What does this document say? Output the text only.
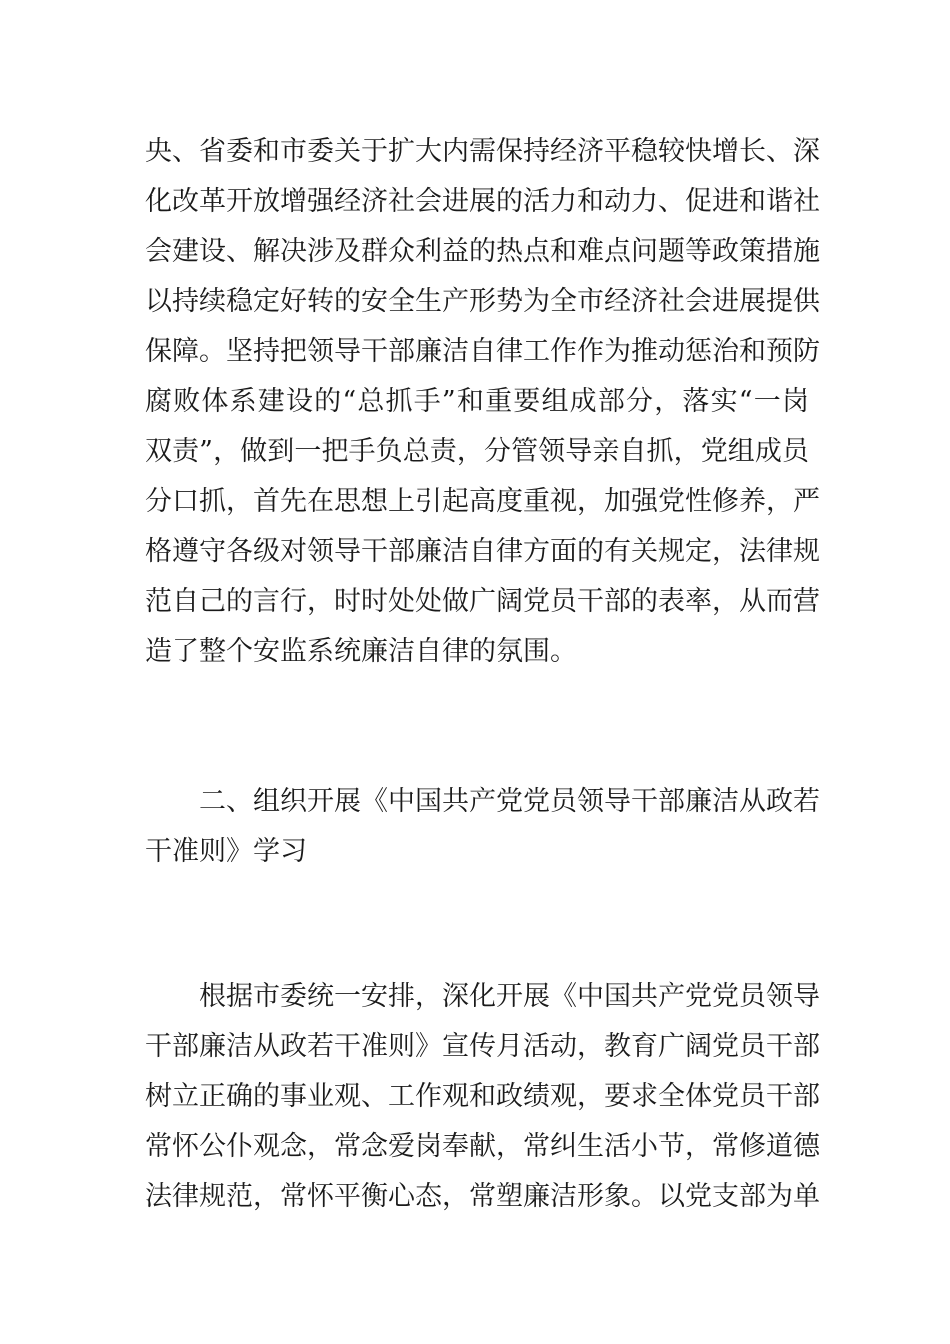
央、省委和市委关于扩大内需保持经济平稳较快增长、深
化改革开放增强经济社会进展的活力和动力、促进和谐社
会建设、解决涉及群众利益的热点和难点问题等政策措施
以持续稳定好转的安全生产形势为全市经济社会进展提供
保障。坚持把领导干部廉洁自律工作作为推动惩治和预防
腐败体系建设的“总抓手”和重要组成部分，落实“一岗
双责”，做到一把手负总责，分管领导亲自抓，党组成员
分口抓，首先在思想上引起高度重视，加强党性修养，严
格遵守各级对领导干部廉洁自律方面的有关规定，法律规
范自己的言行，时时处处做广阔党员干部的表率，从而营
造了整个安监系统廉洁自律的氛围。
二、组织开展《中国共产党党员领导干部廉洁从政若
干准则》学习
根据市委统一安排，深化开展《中国共产党党员领导
干部廉洁从政若干准则》宣传月活动，教育广阔党员干部
树立正确的事业观、工作观和政绩观，要求全体党员干部
常怀公仆观念，常念爱岗奉献，常纠生活小节，常修道德
法律规范，常怀平衡心态，常塑廉洁形象。以党支部为单
